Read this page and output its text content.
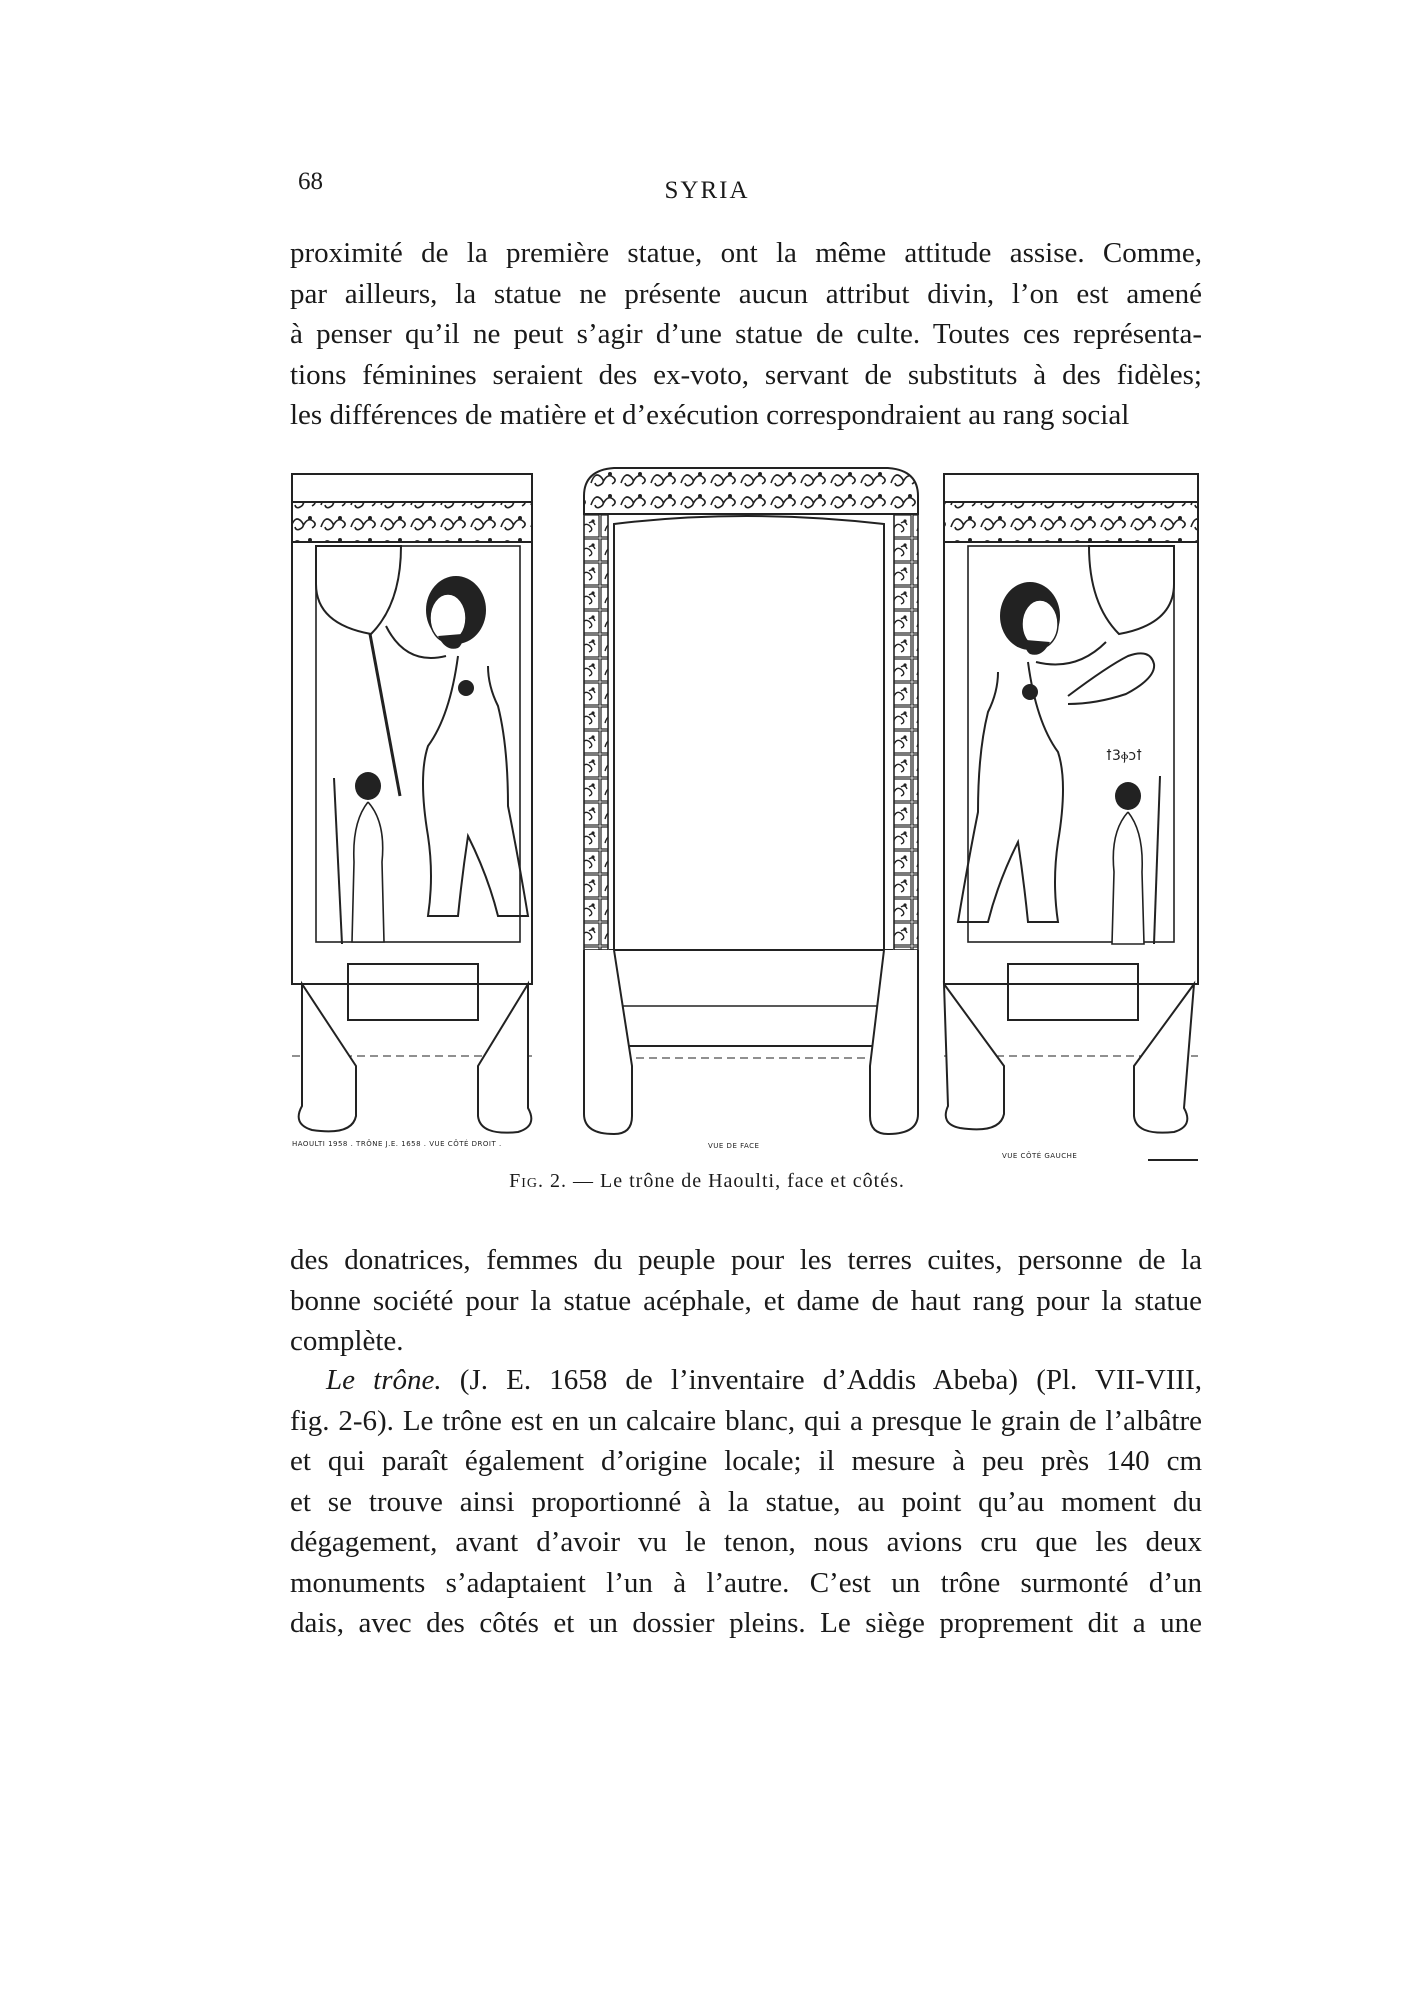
68	SYRIA

proximité de la première statue, ont la même attitude assise. Comme,
par ailleurs, la statue ne présente aucun attribut divin, l’on est amené
à penser qu’il ne peut s’agir d’une statue de culte. Toutes ces représenta-
tions féminines seraient des ex-voto, servant de substituts à des fidèles;
les différences de matière et d’exécution correspondraient au rang social

HAOULTI 1958 . TRÔNE J.E. 1658 . VUE CÔTÉ DROIT .	VUE DE FACE
ꝉ3ⲫↄꝉ
VUE CÔTÉ GAUCHE
Fig. 2. — Le trône de Haoulti, face et côtés.

des donatrices, femmes du peuple pour les terres cuites, personne de la
bonne société pour la statue acéphale, et dame de haut rang pour la statue
complète.

Le trône. (J. E. 1658 de l’inventaire d’Addis Abeba) (Pl. VII-VIII,
fig. 2-6). Le trône est en un calcaire blanc, qui a presque le grain de l’albâtre
et qui paraît également d’origine locale; il mesure à peu près 140 cm
et se trouve ainsi proportionné à la statue, au point qu’au moment du
dégagement, avant d’avoir vu le tenon, nous avions cru que les deux
monuments s’adaptaient l’un à l’autre. C’est un trône surmonté d’un
dais, avec des côtés et un dossier pleins. Le siège proprement dit a une
